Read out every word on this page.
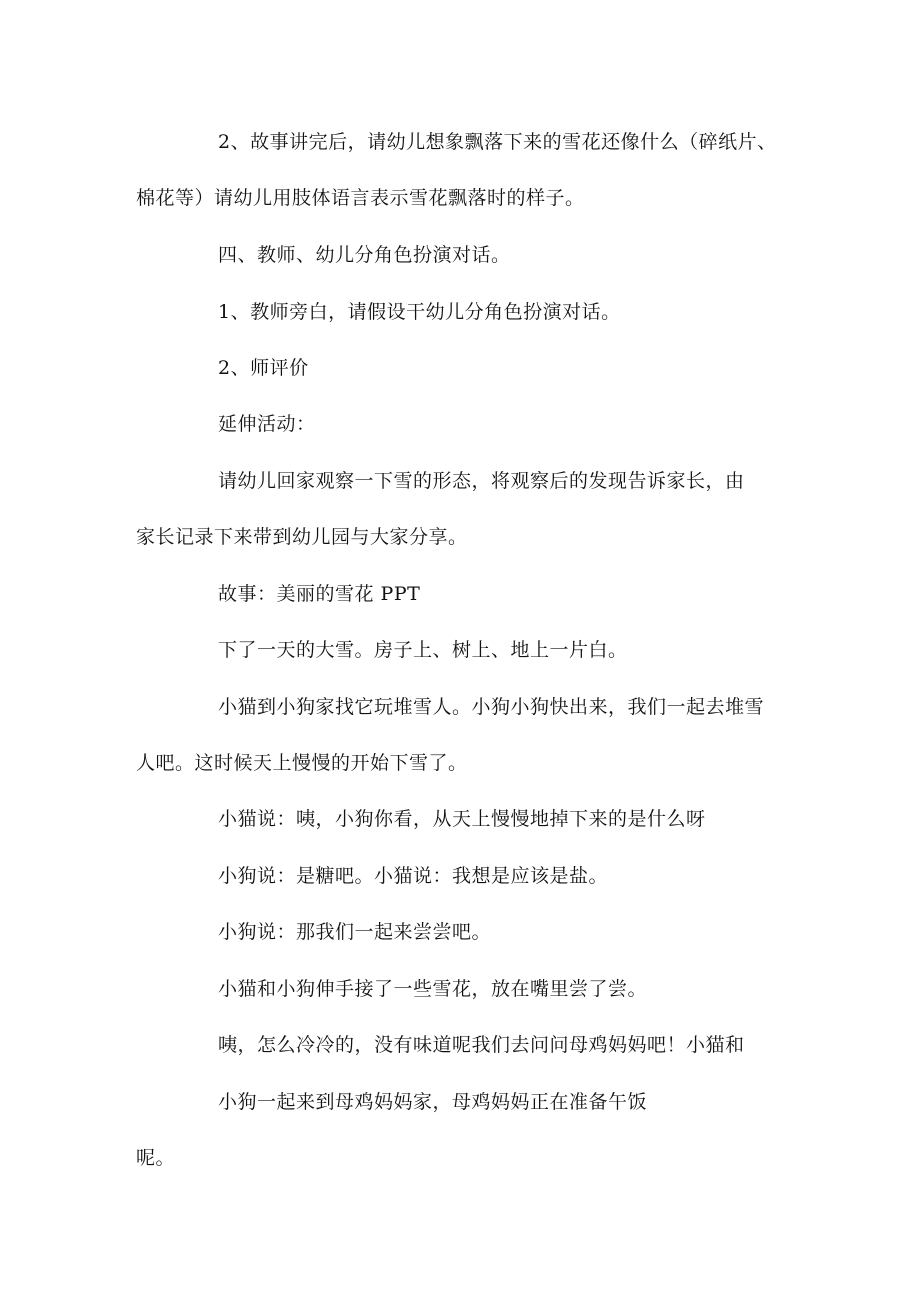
2、故事讲完后，请幼儿想象飘落下来的雪花还像什么（碎纸片、
棉花等）请幼儿用肢体语言表示雪花飘落时的样子。
四、教师、幼儿分角色扮演对话。
1、教师旁白，请假设干幼儿分角色扮演对话。
2、师评价
延伸活动：
请幼儿回家观察一下雪的形态，将观察后的发现告诉家长，由
家长记录下来带到幼儿园与大家分享。
故事：美丽的雪花 PPT
下了一天的大雪。房子上、树上、地上一片白。
小猫到小狗家找它玩堆雪人。小狗小狗快出来，我们一起去堆雪
人吧。这时候天上慢慢的开始下雪了。
小猫说：咦，小狗你看，从天上慢慢地掉下来的是什么呀
小狗说：是糖吧。小猫说：我想是应该是盐。
小狗说：那我们一起来尝尝吧。
小猫和小狗伸手接了一些雪花，放在嘴里尝了尝。
咦，怎么冷冷的，没有味道呢我们去问问母鸡妈妈吧！小猫和
小狗一起来到母鸡妈妈家，母鸡妈妈正在准备午饭
呢。
